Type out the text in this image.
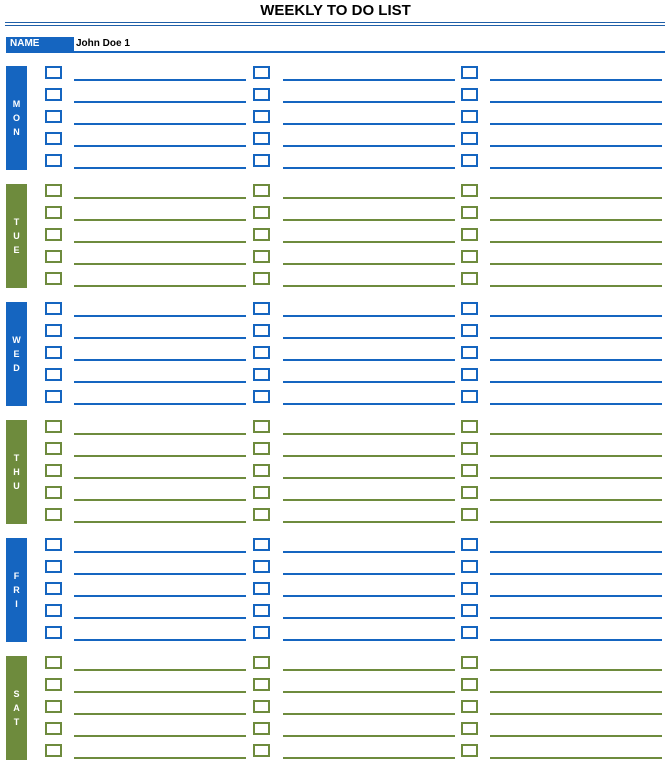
WEEKLY TO DO LIST
NAME	John Doe 1
M
O
N
T
U
E
W
E
D
T
H
U
F
R
I
S
A
T
